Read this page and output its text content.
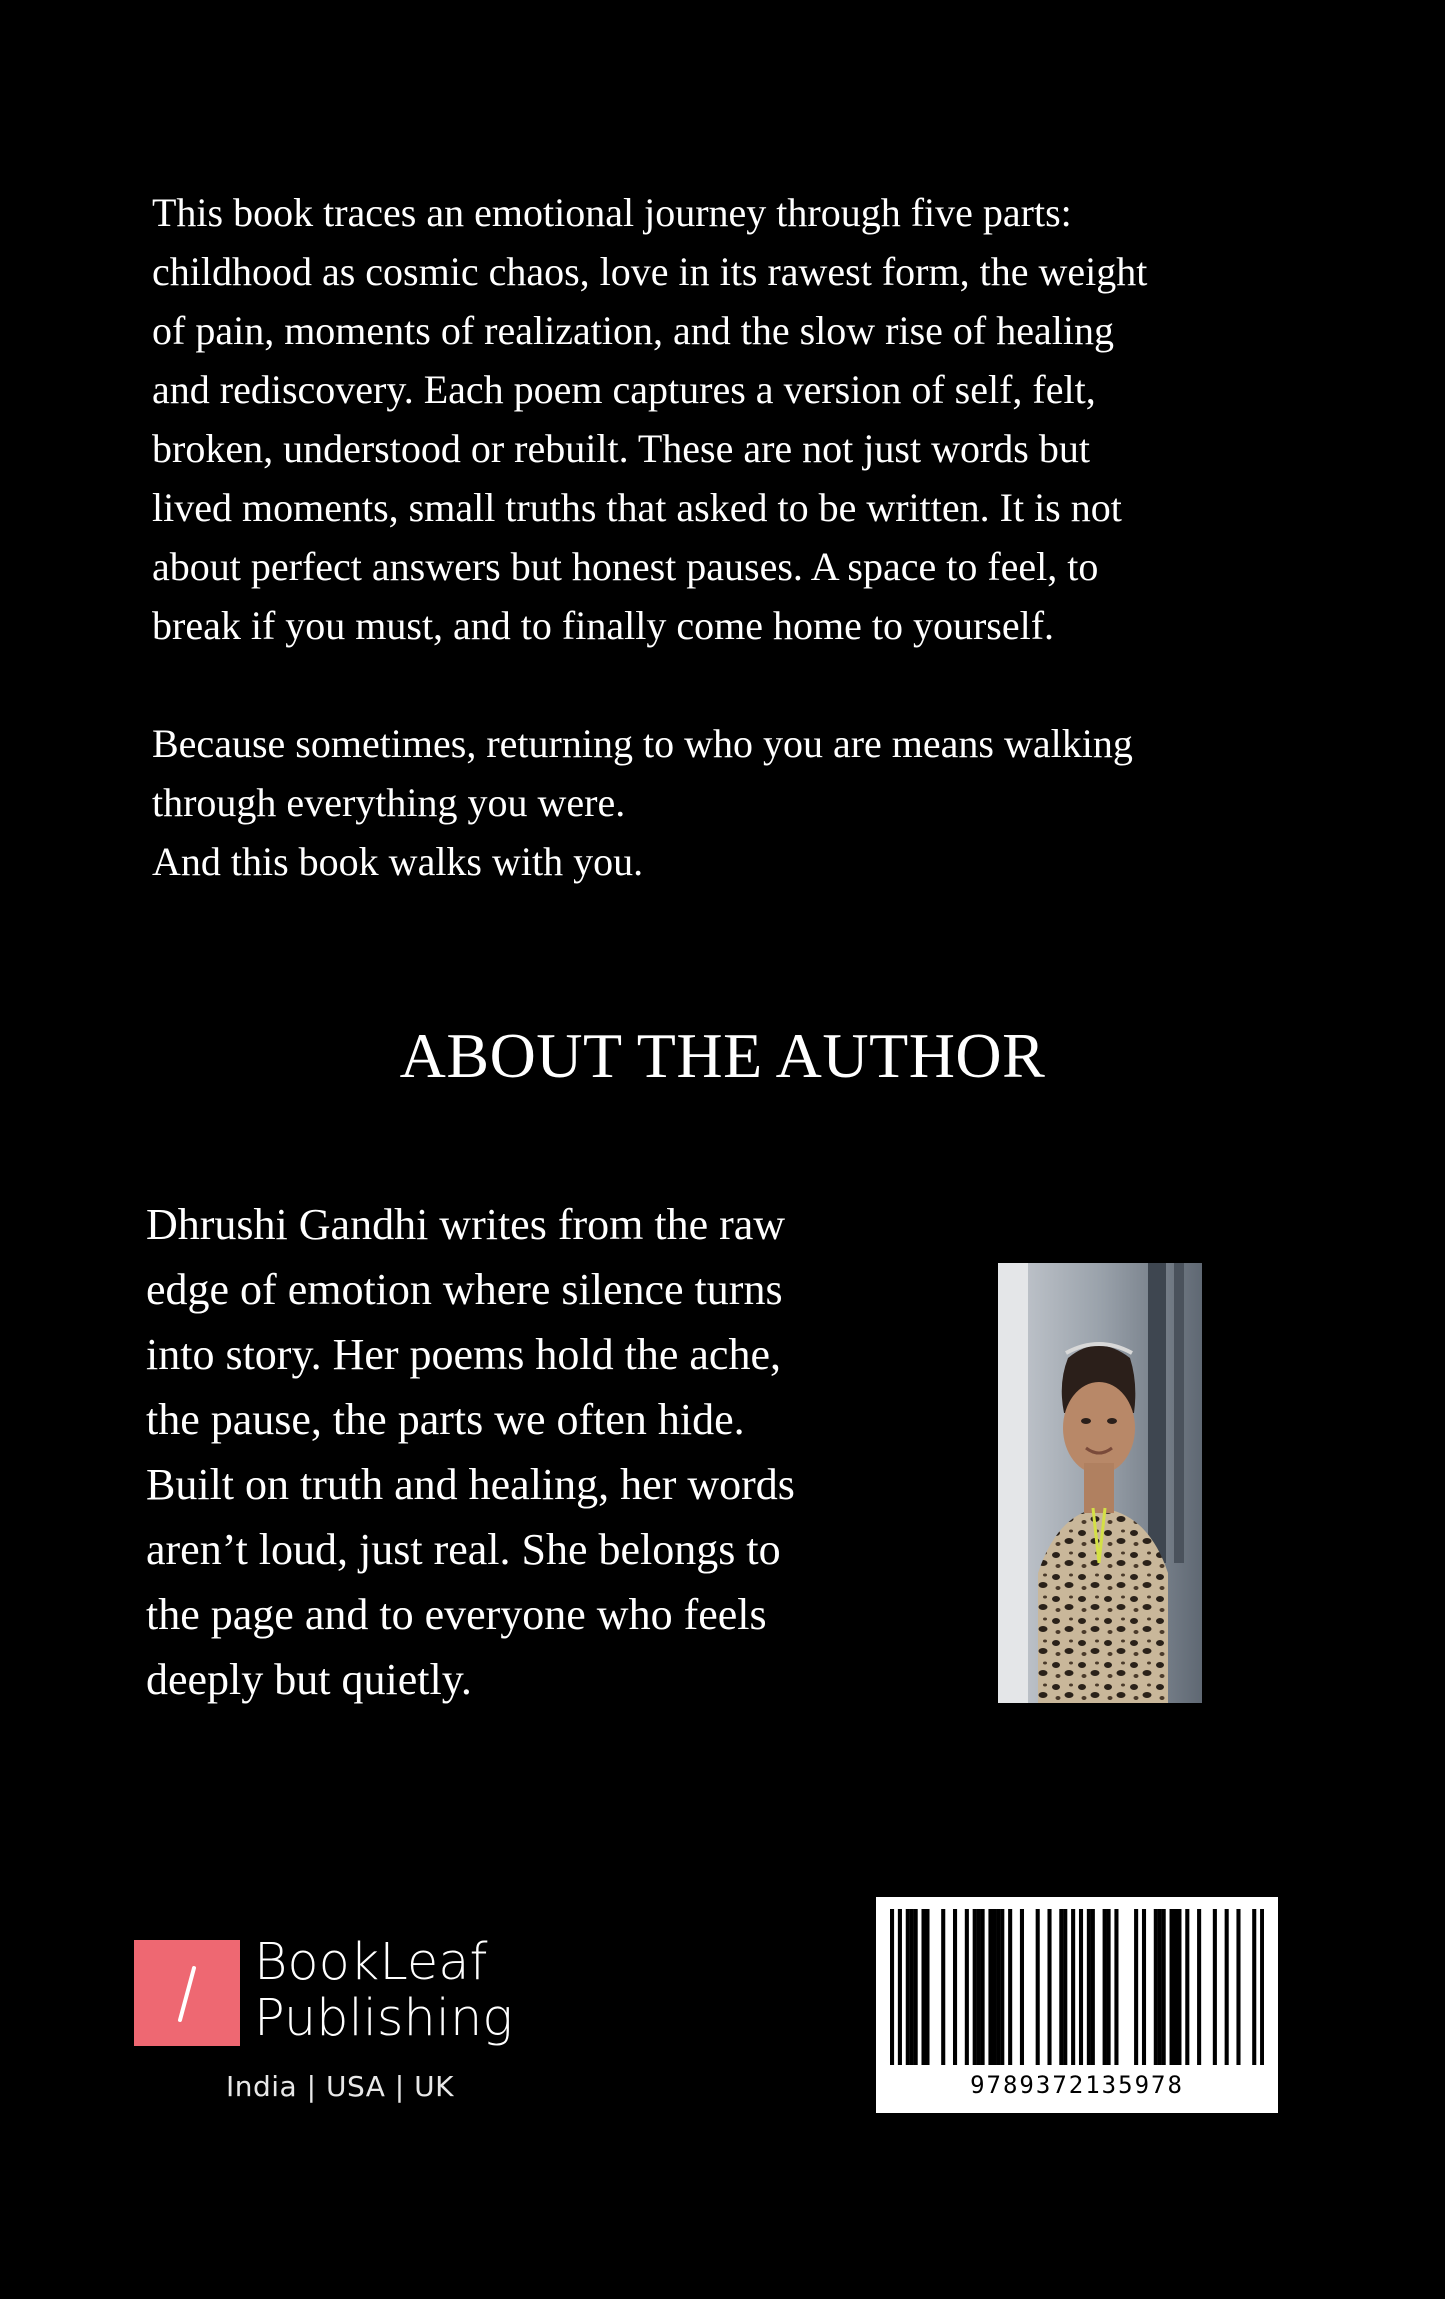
This book traces an emotional journey through five parts:

childhood as cosmic chaos, love in its rawest form, the weight

of pain, moments of realization, and the slow rise of healing

and rediscovery. Each poem captures a version of self, felt,

broken, understood or rebuilt. These are not just words but

lived moments, small truths that asked to be written. It is not

about perfect answers but honest pauses. A space to feel, to

break if you must, and to finally come home to yourself.

Because sometimes, returning to who you are means walking

through everything you were.

And this book walks with you.

ABOUT THE AUTHOR
Dhrushi Gandhi writes from the raw
edge of emotion where silence turns
into story. Her poems hold the ache,
the pause, the parts we often hide.
Built on truth and healing, her words
aren’t loud, just real. She belongs to
the page and to everyone who feels
deeply but quietly.
BookLeaf
Publishing
India | USA | UK	9789372135978
